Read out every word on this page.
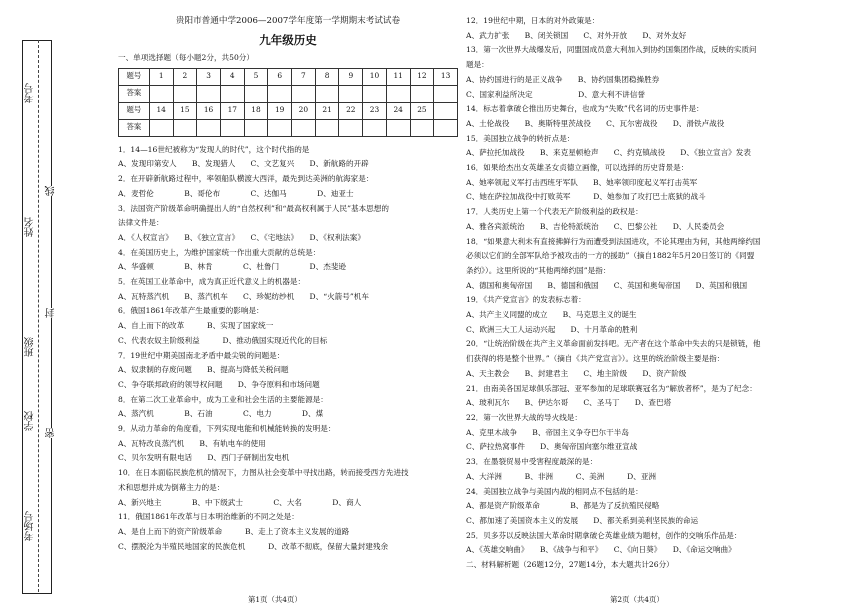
考号
姓名
班级
学校
考场号
线
封
密
贵阳市普通中学2006—2007学年度第一学期期末考试试卷
九年级历史

一、单项选择题（每小题2分，共50分）

题号	1	2	3	4	5	6	7	8	9	10	11	12	13
答案													
题号	14	15	16	17	18	19	20	21	22	23	24	25	
答案													

1．14—16世纪被称为“发现人的时代”，这个时代指的是

A、发现印第安人　　B、发现猎人　　C、文艺复兴　　D、新航路的开辟

2．在开辟新航路过程中，率领船队横渡大西洋，最先到达美洲的航海家是：

A．麦哲伦　　　　B、哥伦布　　　　C、达伽马　　　　D、迪亚士

3．法国资产阶级革命明确提出人的“自然权利”和“最高权利属于人民”基本思想的

法律文件是：

A．《人权宣言》　　B、《独立宣言》　　C、《宅地法》　　D、《权利法案》

4．在美国历史上，为维护国家统一作出重大贡献的总统是：

A、华盛顿　　　　B、林肯　　　　C、杜鲁门　　　　D、杰斐逊

5．在英国工业革命中，成为真正近代意义上的机器是：

A、瓦特蒸汽机　　B、蒸汽机车　　C、珍妮纺纱机　　D、“火箭号”机车

6．俄国1861年改革产生最重要的影响是：

A、自上而下的改革　　　B、实现了国家统一

C、代表农奴主阶级利益　　　D、推动俄国实现近代化的目标

7．19世纪中期美国南北矛盾中最尖锐的问题是：

A、奴隶制的存废问题　　B、提高与降低关税问题

C、争夺联邦政府的领导权问题　　D、争夺原料和市场问题

8．在第二次工业革命中，成为工业和社会生活的主要能源是：

A、蒸汽机　　　　B、石油　　　　C、电力　　　　D、煤

9．从动力革命的角度看，下列实现电能和机械能转换的发明是：

A、瓦特改良蒸汽机　　B、有轨电车的使用

C、贝尔发明有限电话　　D、西门子研制出发电机

10．在日本面临民族危机的情况下，力图从社会变革中寻找出路，转而接受西方先进技

术和思想并成为倒幕主力的是：

A、新兴地主　　　　B、中下级武士　　　　C、大名　　　　D、商人

11．俄国1861年改革与日本明治维新的不同之处是：

A、是自上而下的资产阶级革命　　　B、走上了资本主义发展的道路

C、摆脱沦为半殖民地国家的民族危机　　　D、改革不彻底，保留大量封建残余

12．19世纪中期，日本的对外政策是：

A、武力扩张　　B、闭关锁国　　C、对外开放　　D、对外友好

13．第一次世界大战爆发后，同盟国成员意大利加入到协约国集团作战，反映的实质问

题是：

A、协约国进行的是正义战争　　B、协约国集团稳操胜券

C、国家利益所决定　　　　　　D、意大利不讲信誉

14．标志着拿破仑推出历史舞台，也成为“失败”代名词的历史事件是：

A、土伦战役　　B、奥斯特里茨战役　　C、瓦尔密战役　　D、滑铁卢战役

15．美国独立战争的转折点是：

A、萨拉托加战役　　B、来克星顿枪声　　C、约克镇战役　　D、《独立宣言》发表

16．如果给杰出女英雄圣女贞德立画像，可以选择的历史背景是：

A、她率领起义军打击西班牙军队　　B、她率领印度起义军打击英军

C、她在萨拉加战役中打败英军　　　D、她参加了攻打巴士底狱的战斗

17．人类历史上第一个代表无产阶级利益的政权是：

A、雅各宾派统治　　B、吉伦特派统治　　C、巴黎公社　　D、人民委员会

18．“如果意大利未有直接拂鲜行为而遭受到法国进攻，不论其理由为何，其他两缔约国

必须以它们的全部军队给予被攻击的一方的援助”（摘自1882年5月20日签订的《同盟

条约》）。这里所说的“其他两缔约国”是指：

A、德国和奥匈帝国　　B、德国和俄国　　C、英国和奥匈帝国　　D、英国和俄国

19．《共产党宣言》的发表标志着：

A、共产主义同盟的成立　　B、马克思主义的诞生

C、欧洲三大工人运动兴起　　D、十月革命的胜利

20．“让统治阶级在共产主义革命面前发抖吧。无产者在这个革命中失去的只是锁链，他

们获得的将是整个世界。”（摘自《共产党宣言》）。这里的统治阶级主要是指：

A、天主教会　　B、封建君主　　C、地主阶级　　D、资产阶级

21．由南美各国足球俱乐部冠、亚军参加的足球联赛冠名为“解放者杯”，是为了纪念：

A、玻利瓦尔　　B、伊达尔哥　　C、圣马丁　　D、查巴塔

22．第一次世界大战的导火线是：

A、克里木战争　　B、帝国主义争夺巴尔干半岛

C、萨拉热窝事件　　D、奥匈帝国向塞尔维亚宣战

23．在墨裂贸易中受害程度最深的是：

A、大洋洲　　　B、非洲　　　C、美洲　　　D、亚洲

24．美国独立战争与美国内战的相同点不包括的是：

A、都是资产阶级革命　　　　B、都是为了反抗殖民侵略

C、都加速了美国资本主义的发展　　D、都关系到美利坚民族的命运

25．贝多芬以反映法国大革命时期拿破仑英雄业绩为题材，创作的交响乐作品是：

A、《英雄交响曲》　　B、《战争与和平》　　C、《向日葵》　　D、《命运交响曲》

二、材料解析题（26题12分，27题14分，本大题共计26分）

第1页（共4页）	第2页（共4页）
